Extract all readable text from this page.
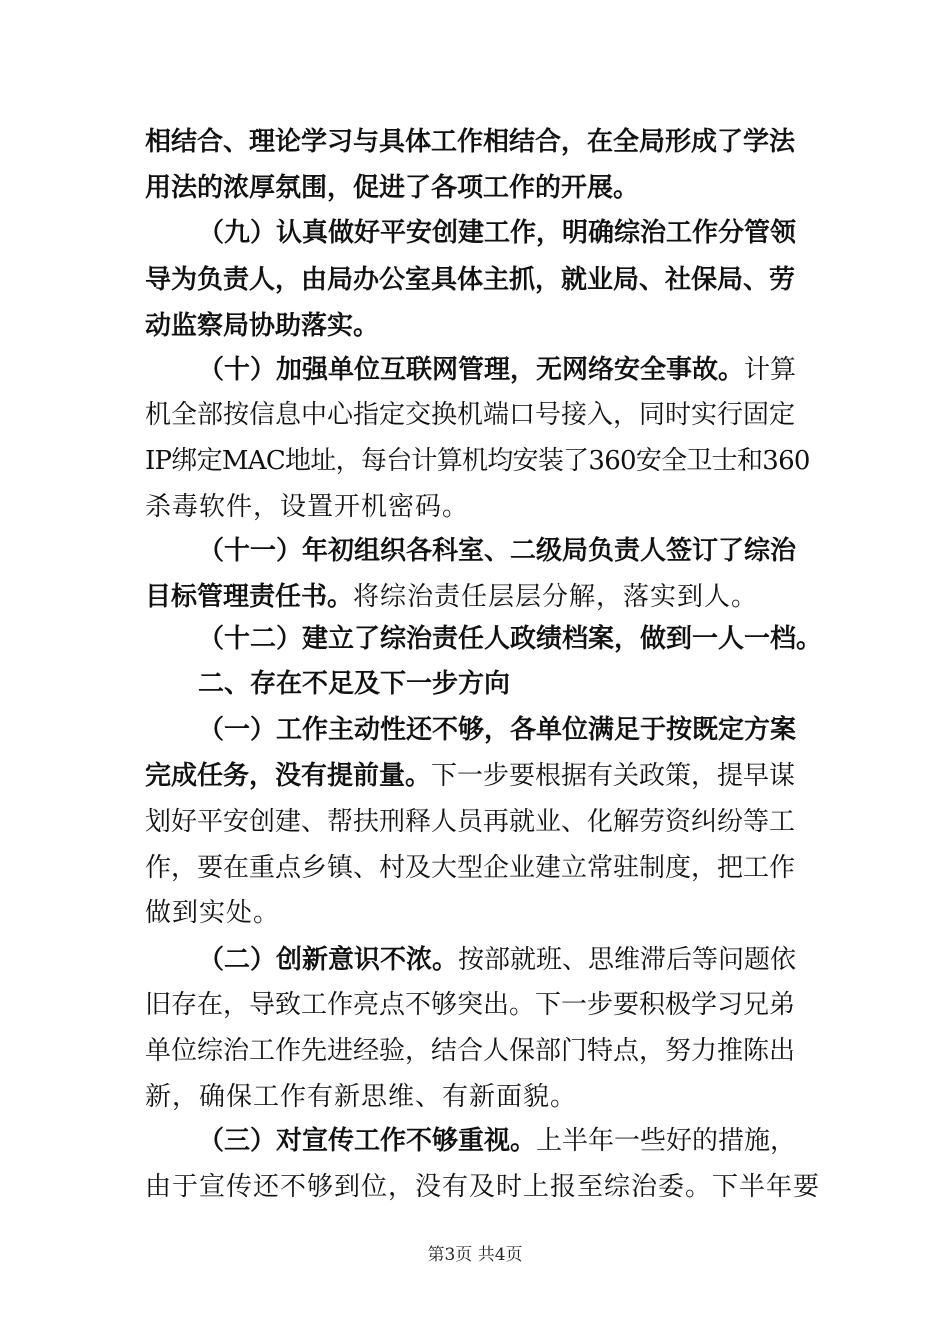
相结合、理论学习与具体工作相结合，在全局形成了学法
用法的浓厚氛围，促进了各项工作的开展。
（九）认真做好平安创建工作，明确综治工作分管领
导为负责人，由局办公室具体主抓，就业局、社保局、劳
动监察局协助落实。
（十）加强单位互联网管理，无网络安全事故。计算
机全部按信息中心指定交换机端口号接入，同时实行固定
IP绑定MAC地址，每台计算机均安装了360安全卫士和360
杀毒软件，设置开机密码。
（十一）年初组织各科室、二级局负责人签订了综治
目标管理责任书。将综治责任层层分解，落实到人。
（十二）建立了综治责任人政绩档案，做到一人一档。
二、存在不足及下一步方向
（一）工作主动性还不够，各单位满足于按既定方案
完成任务，没有提前量。下一步要根据有关政策，提早谋
划好平安创建、帮扶刑释人员再就业、化解劳资纠纷等工
作，要在重点乡镇、村及大型企业建立常驻制度，把工作
做到实处。
（二）创新意识不浓。按部就班、思维滞后等问题依
旧存在，导致工作亮点不够突出。下一步要积极学习兄弟
单位综治工作先进经验，结合人保部门特点，努力推陈出
新，确保工作有新思维、有新面貌。
（三）对宣传工作不够重视。上半年一些好的措施，
由于宣传还不够到位，没有及时上报至综治委。下半年要
第3页 共4页
